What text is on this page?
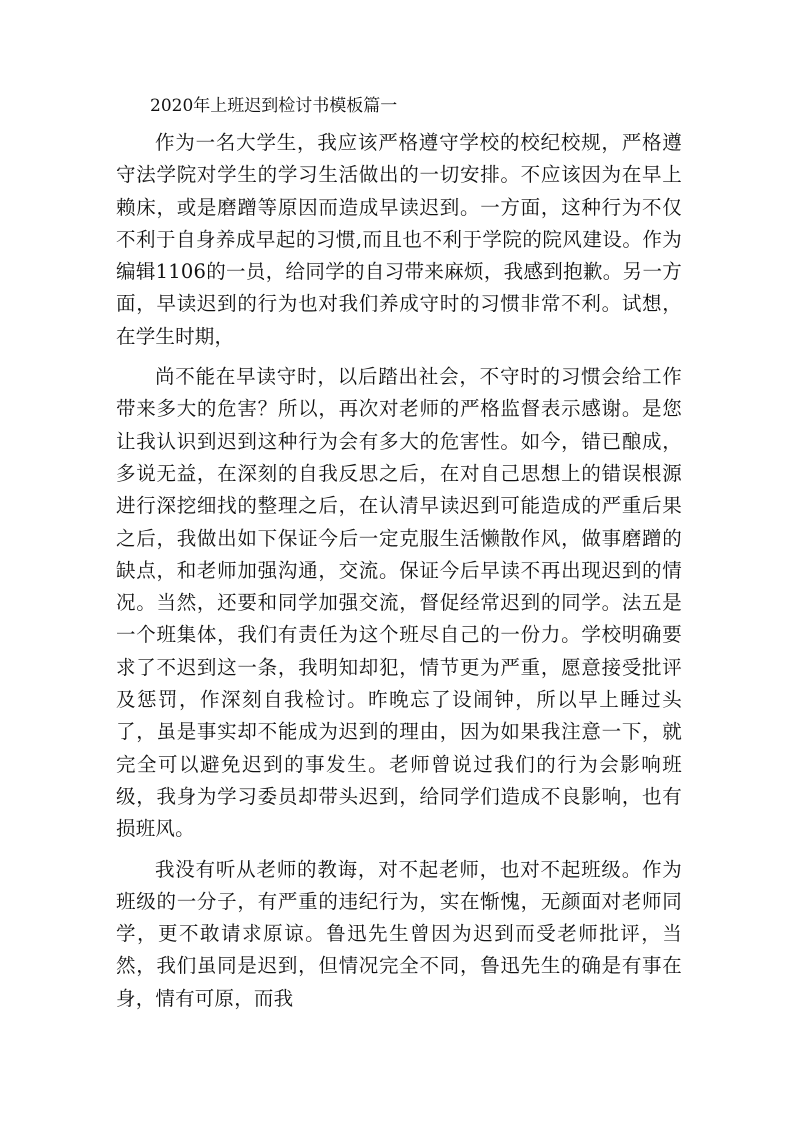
2020年上班迟到检讨书模板篇一

作为一名大学生，我应该严格遵守学校的校纪校规，严格遵守法学院对学生的学习生活做出的一切安排。不应该因为在早上赖床，或是磨蹭等原因而造成早读迟到。一方面，这种行为不仅不利于自身养成早起的习惯,而且也不利于学院的院风建设。作为编辑1106的一员，给同学的自习带来麻烦，我感到抱歉。另一方面，早读迟到的行为也对我们养成守时的习惯非常不利。试想，在学生时期，

尚不能在早读守时，以后踏出社会，不守时的习惯会给工作带来多大的危害？所以，再次对老师的严格监督表示感谢。是您让我认识到迟到这种行为会有多大的危害性。如今，错已酿成，多说无益，在深刻的自我反思之后，在对自己思想上的错误根源进行深挖细找的整理之后，在认清早读迟到可能造成的严重后果之后，我做出如下保证今后一定克服生活懒散作风，做事磨蹭的缺点，和老师加强沟通，交流。保证今后早读不再出现迟到的情况。当然，还要和同学加强交流，督促经常迟到的同学。法五是一个班集体，我们有责任为这个班尽自己的一份力。学校明确要求了不迟到这一条，我明知却犯，情节更为严重，愿意接受批评及惩罚，作深刻自我检讨。昨晚忘了设闹钟，所以早上睡过头了，虽是事实却不能成为迟到的理由，因为如果我注意一下，就完全可以避免迟到的事发生。老师曾说过我们的行为会影响班级，我身为学习委员却带头迟到，给同学们造成不良影响，也有损班风。

我没有听从老师的教诲，对不起老师，也对不起班级。作为班级的一分子，有严重的违纪行为，实在惭愧，无颜面对老师同学，更不敢请求原谅。鲁迅先生曾因为迟到而受老师批评，当然，我们虽同是迟到，但情况完全不同，鲁迅先生的确是有事在身，情有可原，而我
